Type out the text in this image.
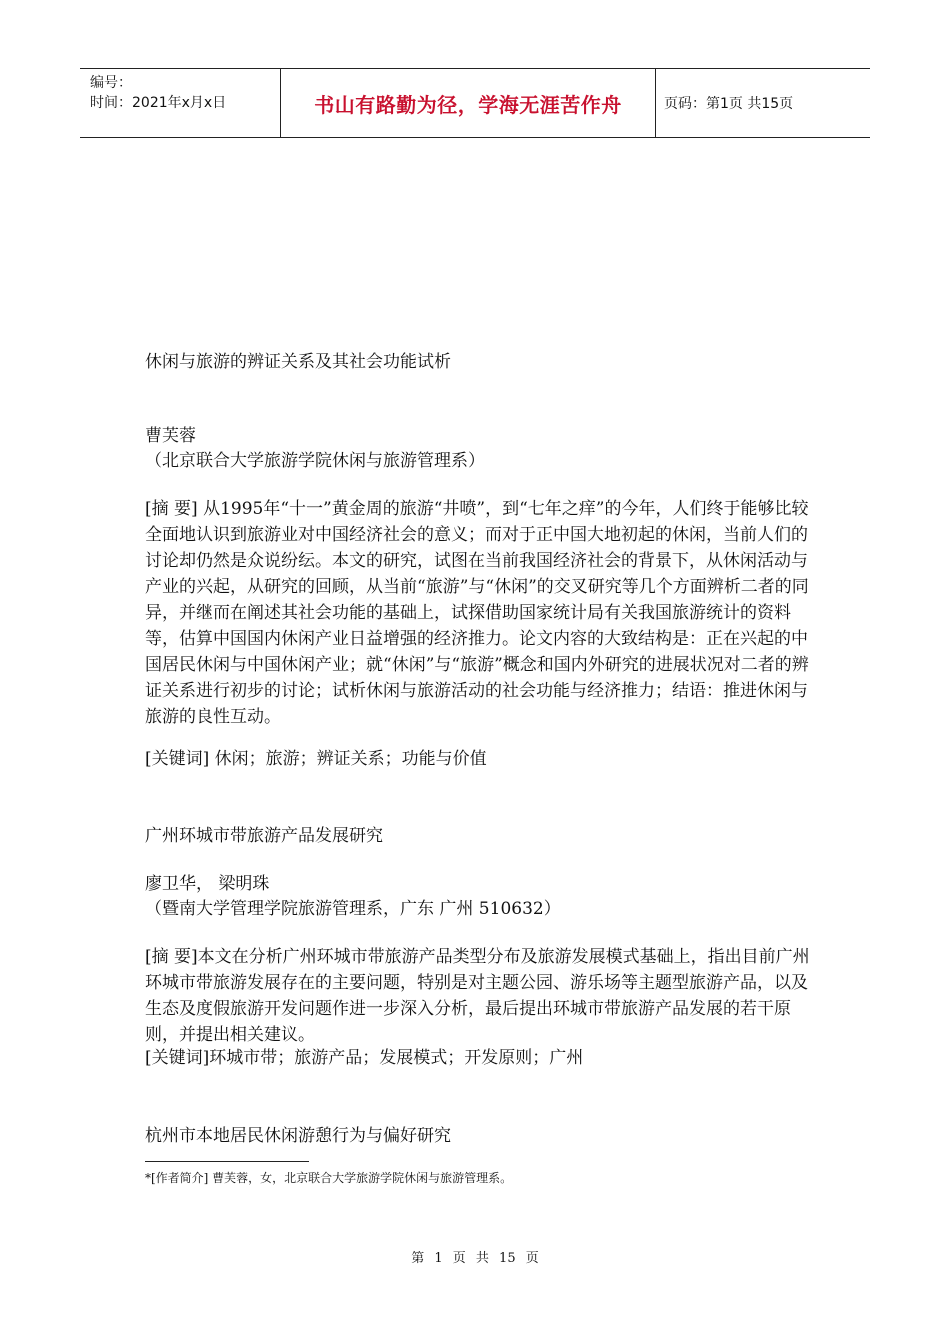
编号：
时间：2021年x月x日	书山有路勤为径，学海无涯苦作舟	页码：第1页 共15页
休闲与旅游的辨证关系及其社会功能试析
曹芙蓉
（北京联合大学旅游学院休闲与旅游管理系）
[摘 要] 从1995年“十一”黄金周的旅游“井喷”，到“七年之痒”的今年，人们终于能够比较全面地认识到旅游业对中国经济社会的意义；而对于正中国大地初起的休闲，当前人们的讨论却仍然是众说纷纭。本文的研究，试图在当前我国经济社会的背景下，从休闲活动与产业的兴起，从研究的回顾，从当前“旅游”与“休闲”的交叉研究等几个方面辨析二者的同异，并继而在阐述其社会功能的基础上，试探借助国家统计局有关我国旅游统计的资料等，估算中国国内休闲产业日益增强的经济推力。论文内容的大致结构是：正在兴起的中国居民休闲与中国休闲产业；就“休闲”与“旅游”概念和国内外研究的进展状况对二者的辨证关系进行初步的讨论；试析休闲与旅游活动的社会功能与经济推力；结语：推进休闲与旅游的良性互动。
[关键词] 休闲；旅游；辨证关系；功能与价值
广州环城市带旅游产品发展研究
廖卫华， 梁明珠
（暨南大学管理学院旅游管理系，广东 广州 510632）
[摘 要]本文在分析广州环城市带旅游产品类型分布及旅游发展模式基础上，指出目前广州环城市带旅游发展存在的主要问题，特别是对主题公园、游乐场等主题型旅游产品，以及生态及度假旅游开发问题作进一步深入分析，最后提出环城市带旅游产品发展的若干原则，并提出相关建议。
[关键词]环城市带；旅游产品；发展模式；开发原则；广州
杭州市本地居民休闲游憩行为与偏好研究
*[作者简介] 曹芙蓉，女，北京联合大学旅游学院休闲与旅游管理系。
第 1 页 共 15 页
